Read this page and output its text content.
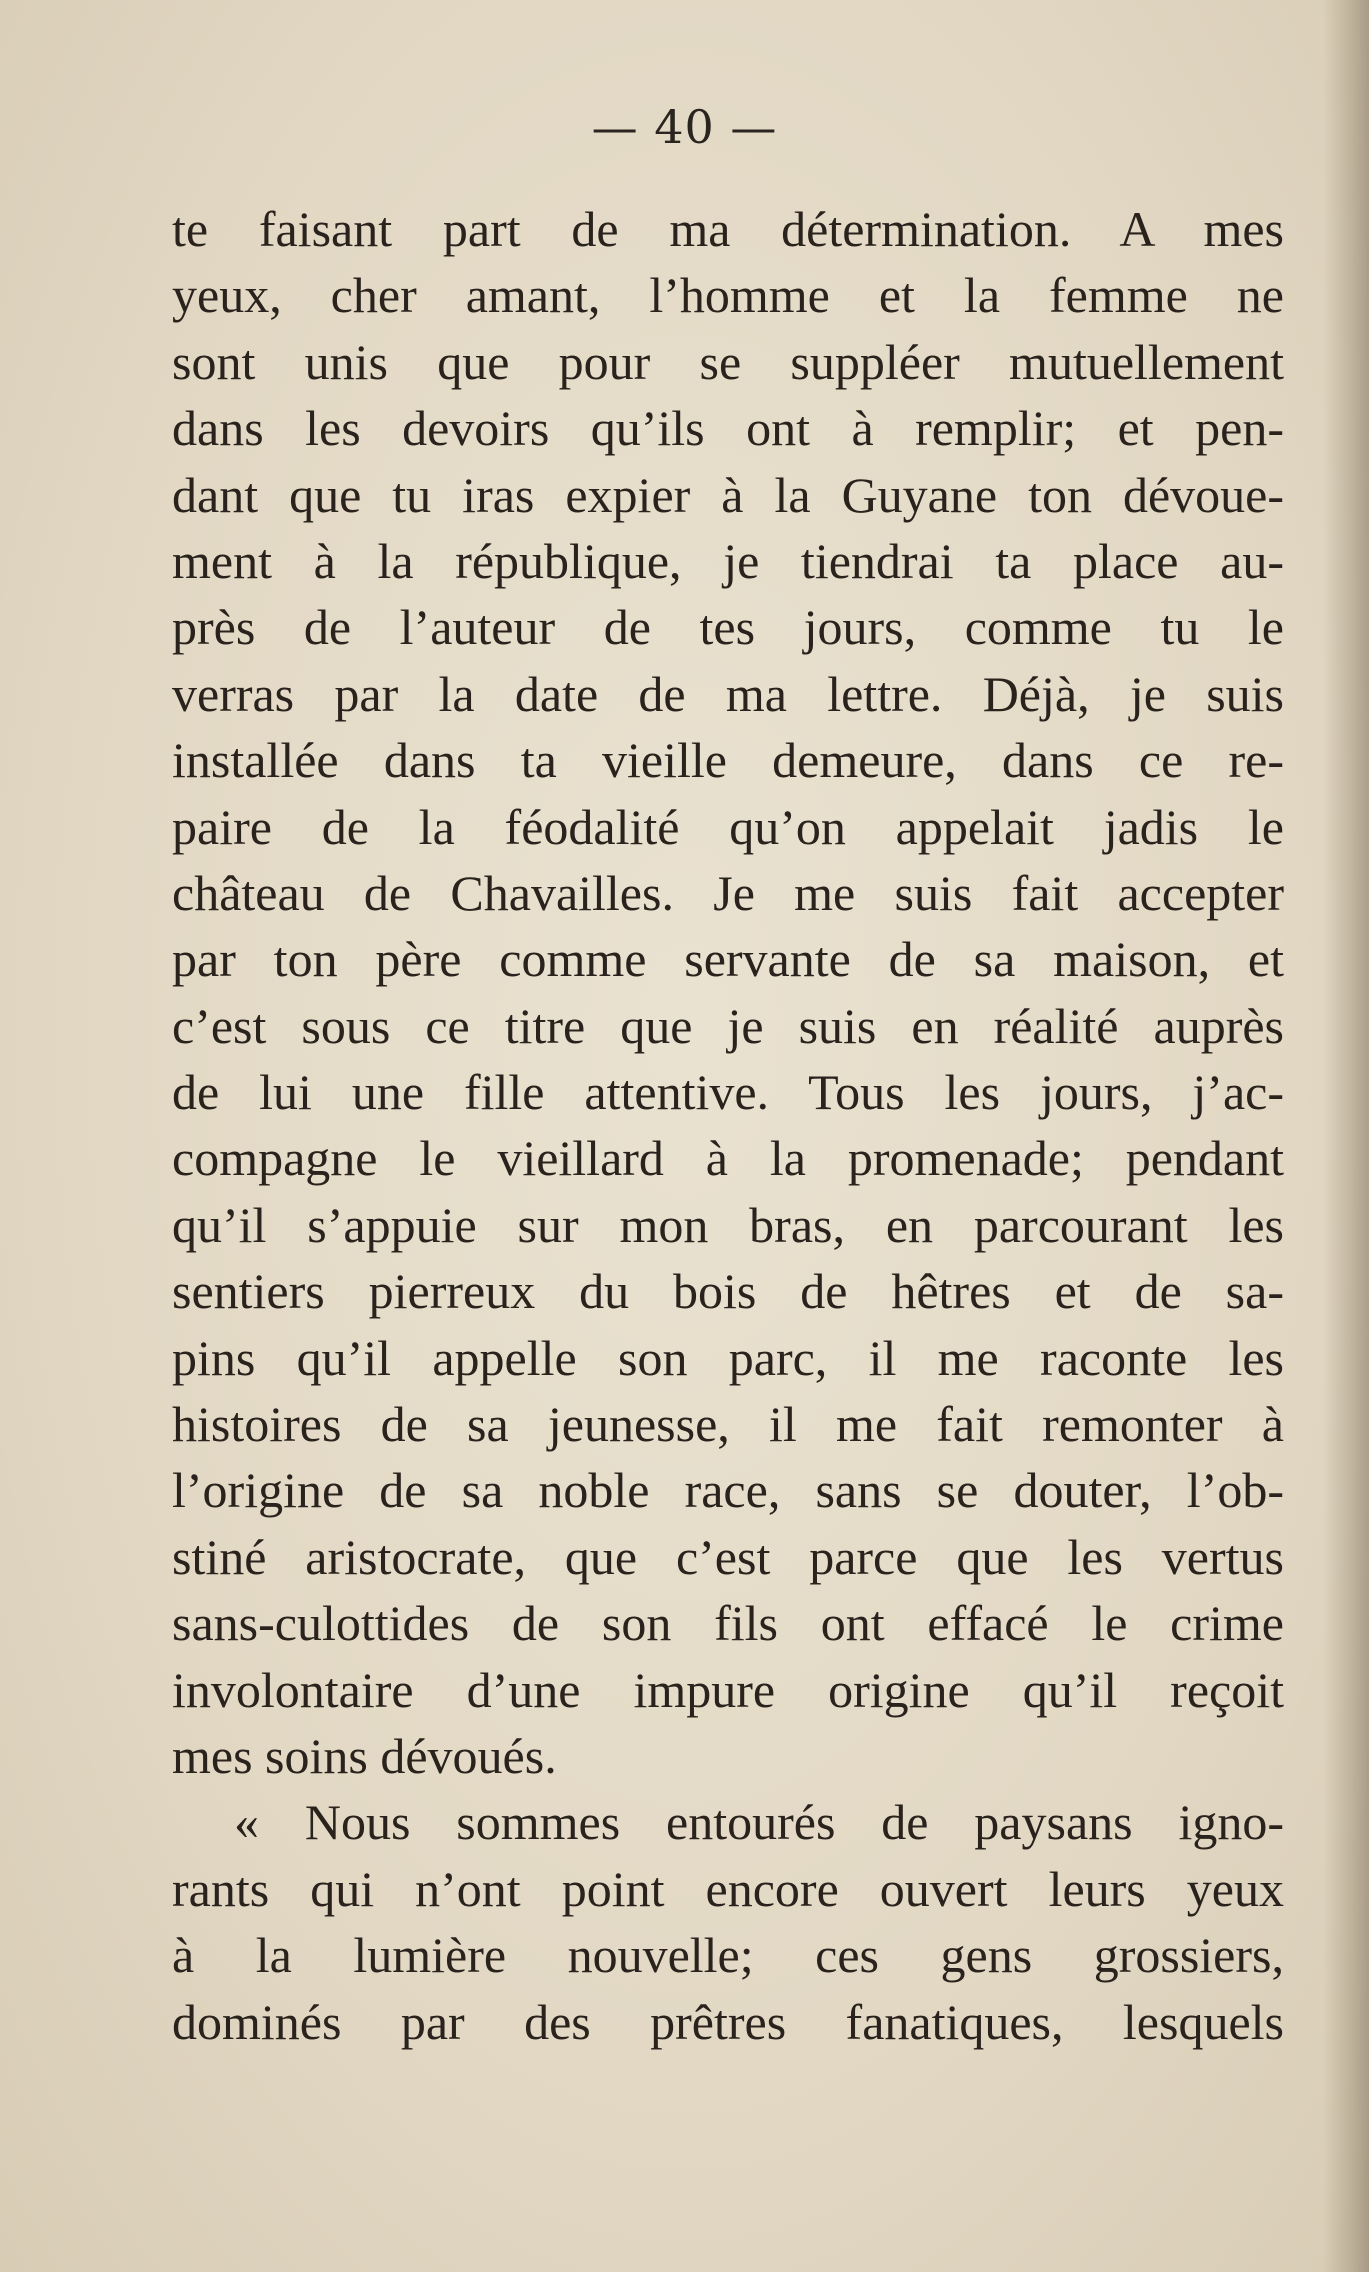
— 40 —
te faisant part de ma détermination. A mes
yeux, cher amant, l’homme et la femme ne
sont unis que pour se suppléer mutuellement
dans les devoirs qu’ils ont à remplir; et pen-
dant que tu iras expier à la Guyane ton dévoue-
ment à la république, je tiendrai ta place au-
près de l’auteur de tes jours, comme tu le
verras par la date de ma lettre. Déjà, je suis
installée dans ta vieille demeure, dans ce re-
paire de la féodalité qu’on appelait jadis le
château de Chavailles. Je me suis fait accepter
par ton père comme servante de sa maison, et
c’est sous ce titre que je suis en réalité auprès
de lui une fille attentive. Tous les jours, j’ac-
compagne le vieillard à la promenade; pendant
qu’il s’appuie sur mon bras, en parcourant les
sentiers pierreux du bois de hêtres et de sa-
pins qu’il appelle son parc, il me raconte les
histoires de sa jeunesse, il me fait remonter à
l’origine de sa noble race, sans se douter, l’ob-
stiné aristocrate, que c’est parce que les vertus
sans-culottides de son fils ont effacé le crime
involontaire d’une impure origine qu’il reçoit
mes soins dévoués.
« Nous sommes entourés de paysans igno-
rants qui n’ont point encore ouvert leurs yeux
à la lumière nouvelle; ces gens grossiers,
dominés par des prêtres fanatiques, lesquels
